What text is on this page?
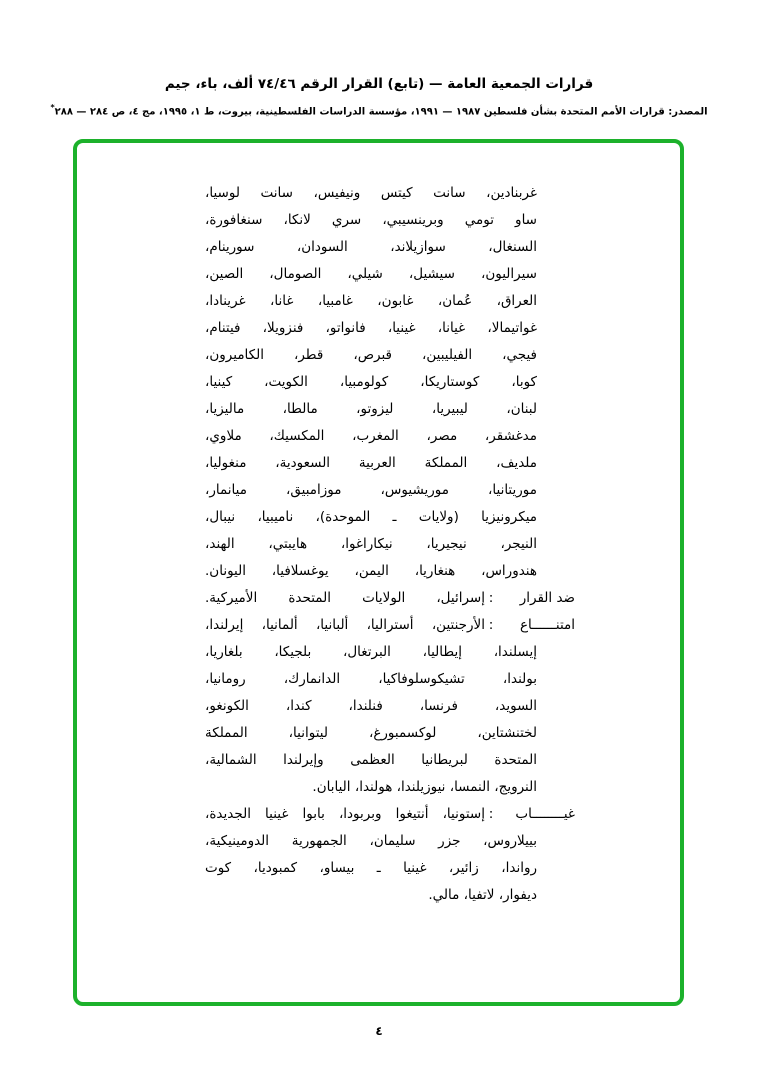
قرارات الجمعية العامة — (تابع) القرار الرقم ٧٤/٤٦ ألف، باء، جيم
المصدر: قرارات الأمم المتحدة بشأن فلسطين ١٩٨٧ — ١٩٩١، مؤسسة الدراسات الفلسطينية، بيروت، ط ١، ١٩٩٥، مج ٤، ص ٢٨٤ — ٢٨٨*
غربنادين، سانت كيتس ونيفيس، سانت لوسيا،
ساو تومي وبرينسيبي، سري لانكا، سنغافورة،
السنغال، سوازيلاند، السودان، سورينام،
سيراليون، سيشيل، شيلي، الصومال، الصين،
العراق، عُمان، غابون، غامبيا، غانا، غرينادا،
غواتيمالا، غيانا، غينيا، فانواتو، فنزويلا، فيتنام،
فيجي، الفيليبين، قبرص، قطر، الكاميرون،
كوبا، كوستاريكا، كولومبيا، الكويت، كينيا،
لبنان، ليبيريا، ليزوتو، مالطا، ماليزيا،
مدغشقر، مصر، المغرب، المكسيك، ملاوي،
ملديف، المملكة العربية السعودية، منغوليا،
موريتانيا، موريشيوس، موزامبيق، ميانمار،
ميكرونيزيا (ولايات ـ الموحدة)، ناميبيا، نيبال،
النيجر، نيجيريا، نيكاراغوا، هايبتي، الهند،
هندوراس، هنغاريا، اليمن، يوغسلافيا، اليونان.
ضد القرار
:
إسرائيل، الولايات المتحدة الأميركية.
امتنــــــاع
:
الأرجنتين، أستراليا، ألبانيا، ألمانيا، إيرلندا،
إيسلندا، إيطاليا، البرتغال، بلجيكا، بلغاريا،
بولندا، تشيكوسلوفاكيا، الدانمارك، رومانيا،
السويد، فرنسا، فنلندا، كندا، الكونغو،
لختنشتاين، لوكسمبورغ، ليتوانيا، المملكة
المتحدة لبريطانيا العظمى وإيرلندا الشمالية،
النرويج، النمسا، نيوزيلندا، هولندا، اليابان.
غيــــــــاب
:
إستونيا، أنتيغوا وبربودا، بابوا غينيا الجديدة،
بييلاروس، جزر سليمان، الجمهورية الدومينيكية،
رواندا، زائير، غينيا ـ بيساو، كمبوديا، كوت
ديفوار، لاتفيا، مالي.
٤
